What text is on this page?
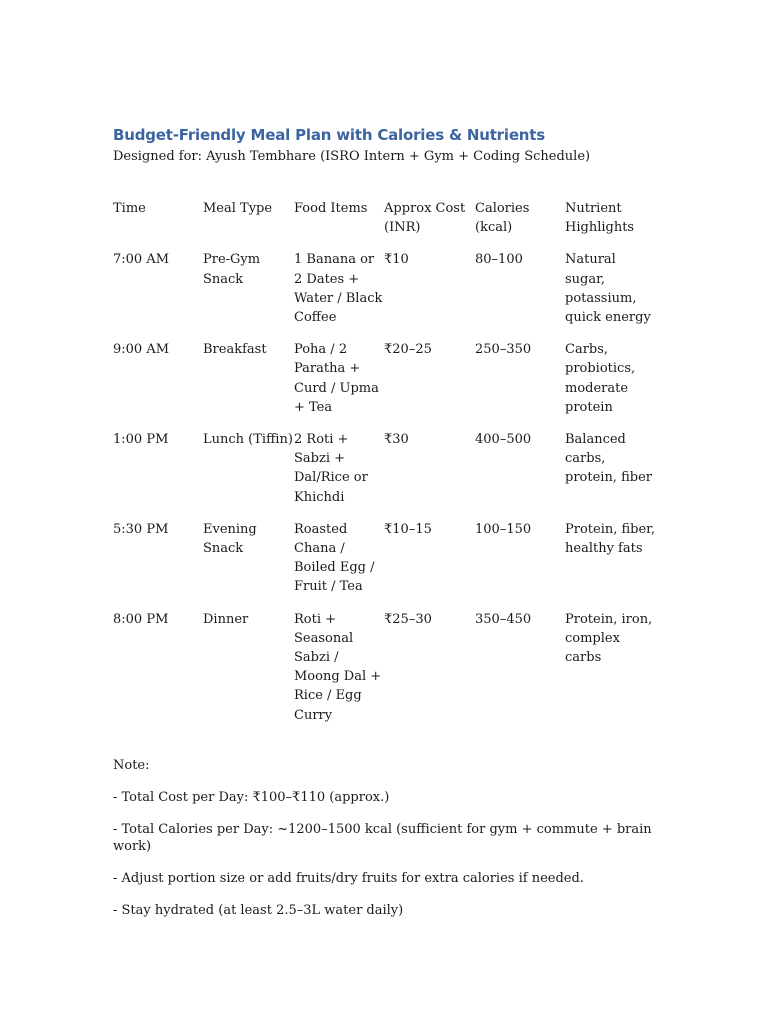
Budget-Friendly Meal Plan with Calories & Nutrients

Designed for: Ayush Tembhare (ISRO Intern + Gym + Coding Schedule)

Time	Meal Type	Food Items	Approx Cost (INR)	Calories (kcal)	Nutrient Highlights
7:00 AM	Pre-Gym Snack	1 Banana or 2 Dates + Water / Black Coffee	₹10	80–100	Natural sugar, potassium, quick energy
9:00 AM	Breakfast	Poha / 2 Paratha + Curd / Upma + Tea	₹20–25	250–350	Carbs, probiotics, moderate protein
1:00 PM	Lunch (Tiffin)	2 Roti + Sabzi + Dal/Rice or Khichdi	₹30	400–500	Balanced carbs, protein, fiber
5:30 PM	Evening Snack	Roasted Chana / Boiled Egg / Fruit / Tea	₹10–15	100–150	Protein, fiber, healthy fats
8:00 PM	Dinner	Roti + Seasonal Sabzi / Moong Dal + Rice / Egg Curry	₹25–30	350–450	Protein, iron, complex carbs

Note:

- Total Cost per Day: ₹100–₹110 (approx.)

- Total Calories per Day: ~1200–1500 kcal (sufficient for gym + commute + brain work)

- Adjust portion size or add fruits/dry fruits for extra calories if needed.

- Stay hydrated (at least 2.5–3L water daily)
